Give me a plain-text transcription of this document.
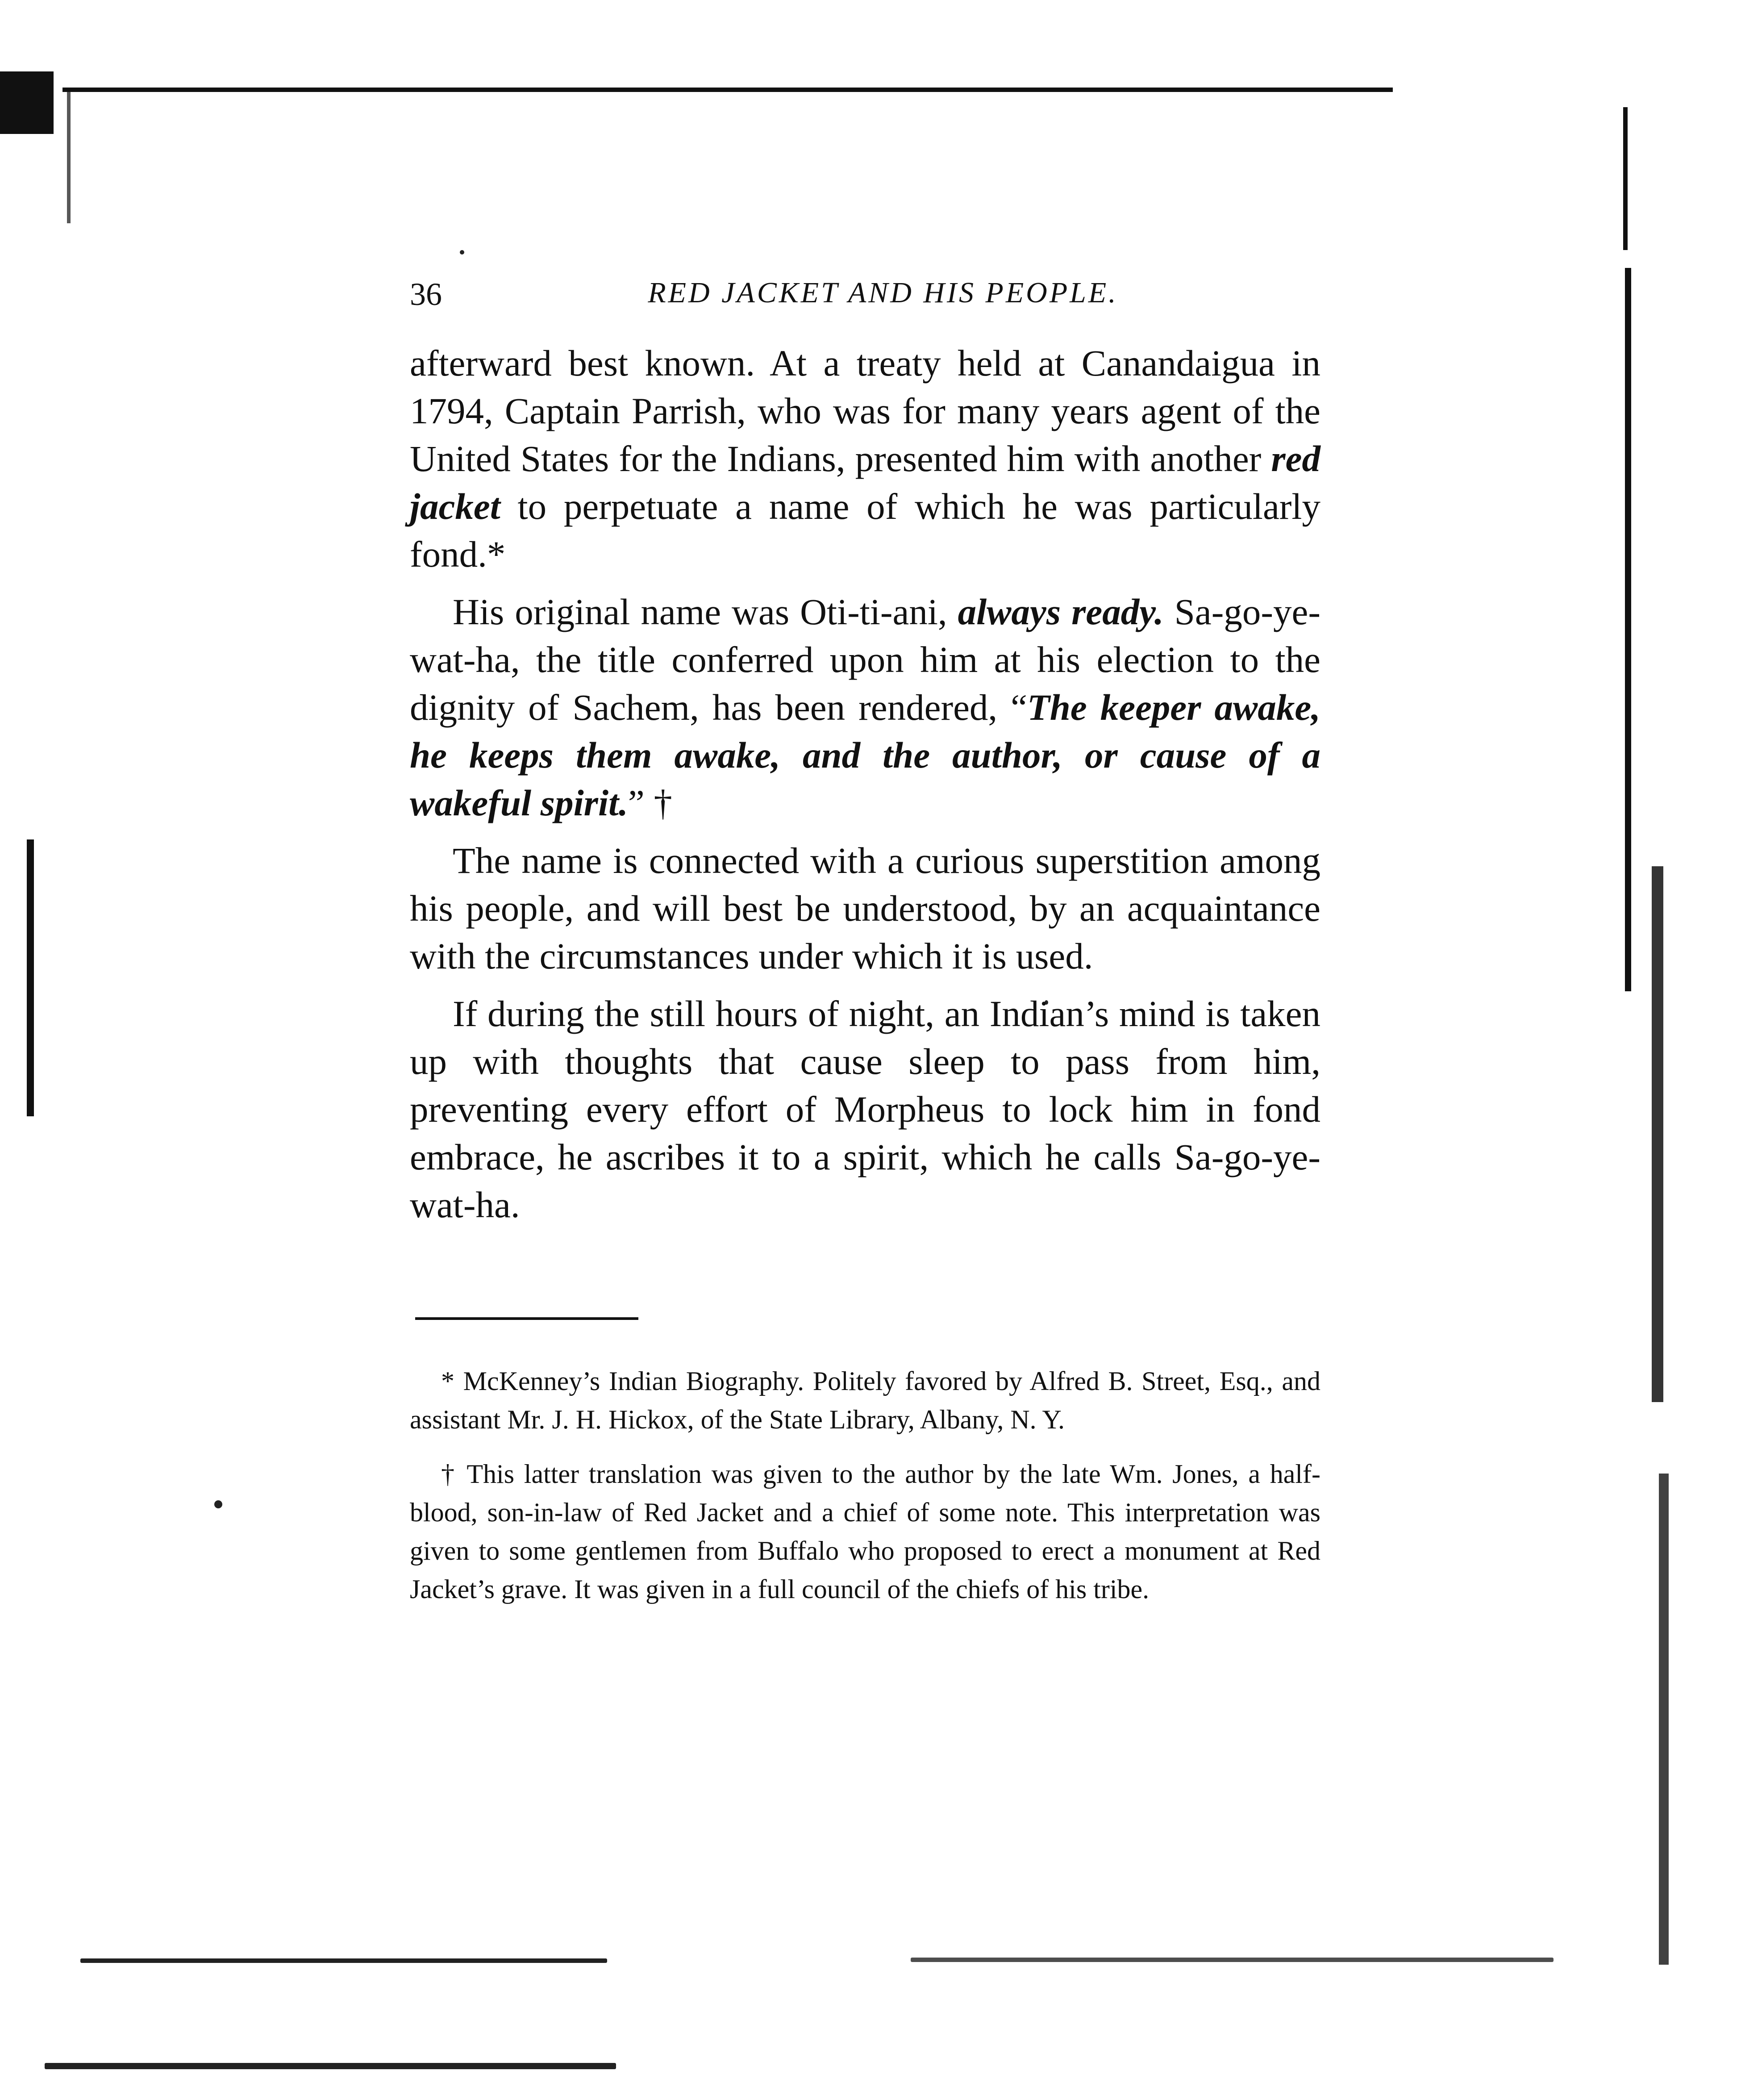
36	RED JACKET AND HIS PEOPLE.

afterward best known. At a treaty held at Canandaigua in 1794, Captain Parrish, who was for many years agent of the United States for the Indians, presented him with another red jacket to perpetuate a name of which he was particularly fond.*

His original name was Oti-ti-ani, always ready. Sa-go-ye-wat-ha, the title conferred upon him at his election to the dignity of Sachem, has been rendered, “The keeper awake, he keeps them awake, and the author, or cause of a wakeful spirit.” †

The name is connected with a curious superstition among his people, and will best be understood, by an acquaintance with the circumstances under which it is used.

If during the still hours of night, an Indian’s mind is taken up with thoughts that cause sleep to pass from him, preventing every effort of Morpheus to lock him in fond embrace, he ascribes it to a spirit, which he calls Sa-go-ye-wat-ha.

* McKenney’s Indian Biography. Politely favored by Alfred B. Street, Esq., and assistant Mr. J. H. Hickox, of the State Library, Albany, N. Y.

† This latter translation was given to the author by the late Wm. Jones, a half-blood, son-in-law of Red Jacket and a chief of some note. This interpretation was given to some gentlemen from Buffalo who proposed to erect a monument at Red Jacket’s grave. It was given in a full council of the chiefs of his tribe.
